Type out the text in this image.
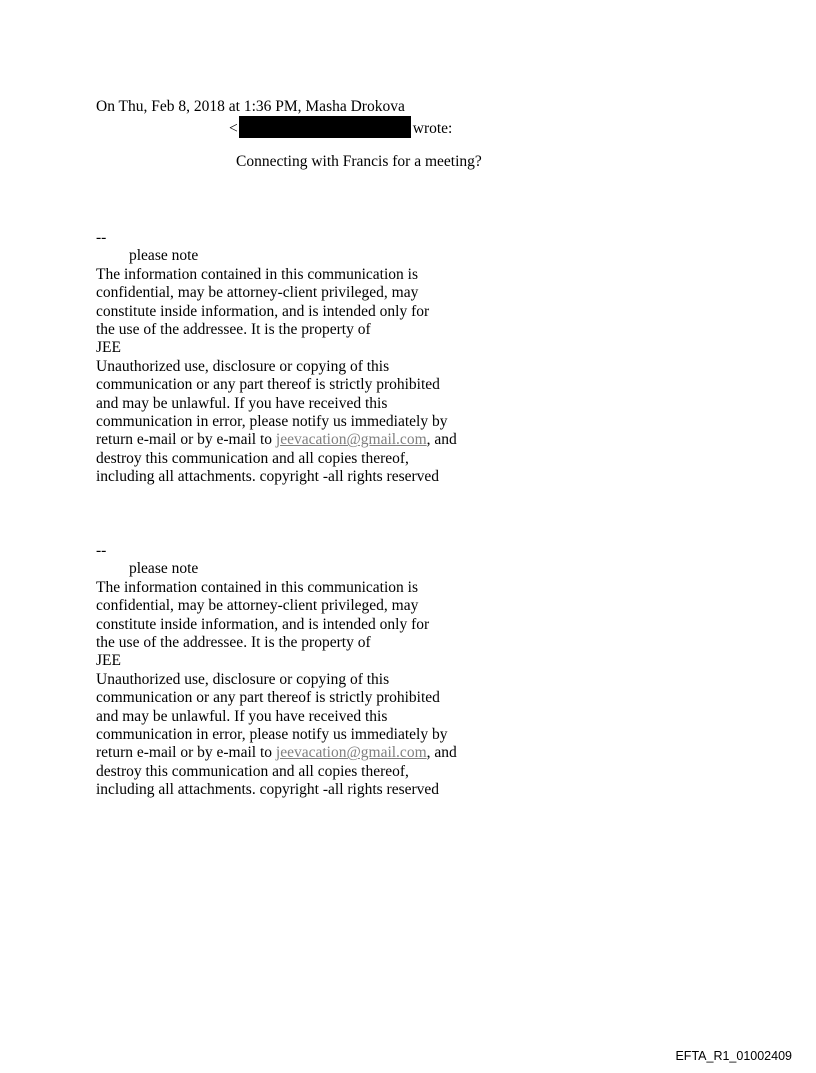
On Thu, Feb 8, 2018 at 1:36 PM, Masha Drokova
<	wrote:
Connecting with Francis for a meeting?
--
please note
The information contained in this communication is
confidential, may be attorney-client privileged, may
constitute inside information, and is intended only for
the use of the addressee. It is the property of
JEE
Unauthorized use, disclosure or copying of this
communication or any part thereof is strictly prohibited
and may be unlawful. If you have received this
communication in error, please notify us immediately by
return e-mail or by e-mail to jeevacation@gmail.com, and
destroy this communication and all copies thereof,
including all attachments. copyright -all rights reserved
--
please note
The information contained in this communication is
confidential, may be attorney-client privileged, may
constitute inside information, and is intended only for
the use of the addressee. It is the property of
JEE
Unauthorized use, disclosure or copying of this
communication or any part thereof is strictly prohibited
and may be unlawful. If you have received this
communication in error, please notify us immediately by
return e-mail or by e-mail to jeevacation@gmail.com, and
destroy this communication and all copies thereof,
including all attachments. copyright -all rights reserved
EFTA_R1_01002409
